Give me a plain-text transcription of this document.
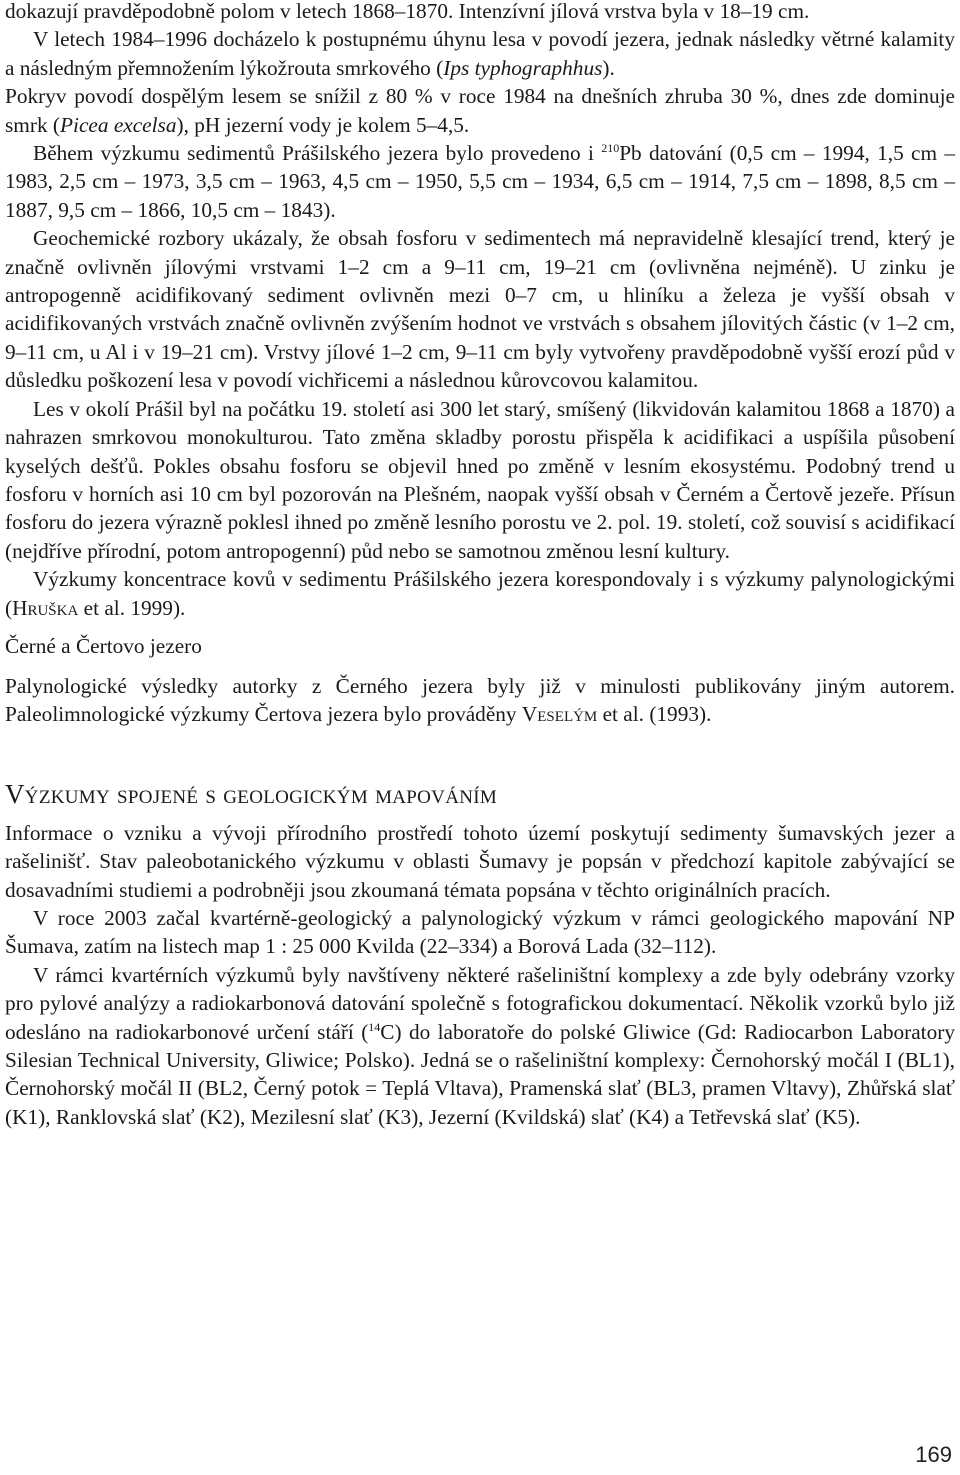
dokazují pravděpodobně polom v letech 1868–1870. Intenzívní jílová vrstva byla v 18–19 cm.

V letech 1984–1996 docházelo k postupnému úhynu lesa v povodí jezera, jednak následky větrné kalamity a následným přemnožením lýkožrouta smrkového (Ips typhographhus).

Pokryv povodí dospělým lesem se snížil z 80 % v roce 1984 na dnešních zhruba 30 %, dnes zde dominuje smrk (Picea excelsa), pH jezerní vody je kolem 5–4,5.

Během výzkumu sedimentů Prášilského jezera bylo provedeno i $^{210}$Pb datování (0,5 cm – 1994, 1,5 cm – 1983, 2,5 cm – 1973, 3,5 cm – 1963, 4,5 cm – 1950, 5,5 cm – 1934, 6,5 cm – 1914, 7,5 cm – 1898, 8,5 cm – 1887, 9,5 cm – 1866, 10,5 cm – 1843).

Geochemické rozbory ukázaly, že obsah fosforu v sedimentech má nepravidelně klesající trend, který je značně ovlivněn jílovými vrstvami 1–2 cm a 9–11 cm, 19–21 cm (ovlivněna nejméně). U zinku je antropogenně acidifikovaný sediment ovlivněn mezi 0–7 cm, u hliníku a železa je vyšší obsah v acidifikovaných vrstvách značně ovlivněn zvýšením hodnot ve vrstvách s obsahem jílovitých částic (v 1–2 cm, 9–11 cm, u Al i v 19–21 cm). Vrstvy jílové 1–2 cm, 9–11 cm byly vytvořeny pravděpodobně vyšší erozí půd v důsledku poškození lesa v povodí vichřicemi a následnou kůrovcovou kalamitou.

Les v okolí Prášil byl na počátku 19. století asi 300 let starý, smíšený (likvidován kalamitou 1868 a 1870) a nahrazen smrkovou monokulturou. Tato změna skladby porostu přispěla k acidifikaci a uspíšila působení kyselých dešťů. Pokles obsahu fosforu se objevil hned po změně v lesním ekosystému. Podobný trend u fosforu v horních asi 10 cm byl pozorován na Plešném, naopak vyšší obsah v Černém a Čertově jezeře. Přísun fosforu do jezera výrazně poklesl ihned po změně lesního porostu ve 2. pol. 19. století, což souvisí s acidifikací (nejdříve přírodní, potom antropogenní) půd nebo se samotnou změnou lesní kultury.

Výzkumy koncentrace kovů v sedimentu Prášilského jezera korespondovaly i s výzkumy palynologickými (Hruška et al. 1999).

Černé a Čertovo jezero

Palynologické výsledky autorky z Černého jezera byly již v minulosti publikovány jiným autorem. Paleolimnologické výzkumy Čertova jezera bylo prováděny Veselým et al. (1993).

Výzkumy spojené s geologickým mapováním

Informace o vzniku a vývoji přírodního prostředí tohoto území poskytují sedimenty šumavských jezer a rašelinišť. Stav paleobotanického výzkumu v oblasti Šumavy je popsán v předchozí kapitole zabývající se dosavadními studiemi a podrobněji jsou zkoumaná témata popsána v těchto originálních pracích.

V roce 2003 začal kvartérně-geologický a palynologický výzkum v rámci geologického mapování NP Šumava, zatím na listech map 1 : 25 000 Kvilda (22–334) a Borová Lada (32–112).

V rámci kvartérních výzkumů byly navštíveny některé rašeliništní komplexy a zde byly odebrány vzorky pro pylové analýzy a radiokarbonová datování společně s fotografickou dokumentací. Několik vzorků bylo již odesláno na radiokarbonové určení stáří ($^{14}$C) do laboratoře do polské Gliwice (Gd: Radiocarbon Laboratory Silesian Technical University, Gliwice; Polsko). Jedná se o rašeliništní komplexy: Černohorský močál I (BL1), Černohorský močál II (BL2, Černý potok = Teplá Vltava), Pramenská slať (BL3, pramen Vltavy), Zhůřská slať (K1), Ranklovská slať (K2), Mezilesní slať (K3), Jezerní (Kvildská) slať (K4) a Tetřevská slať (K5).

169
